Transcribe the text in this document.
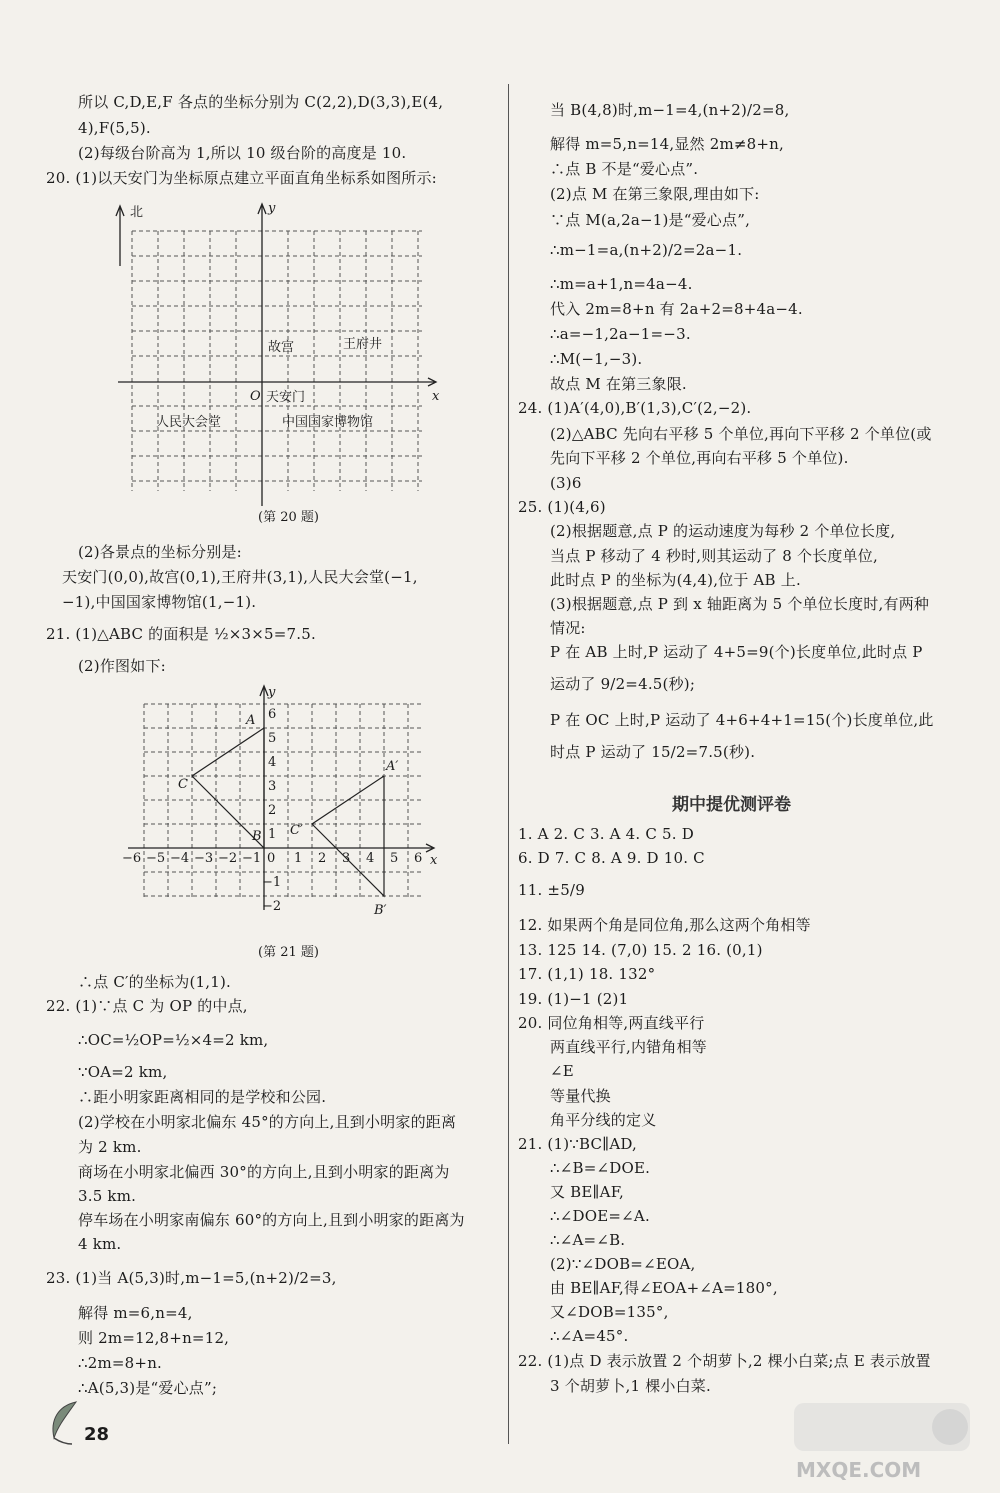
所以 C,D,E,F 各点的坐标分别为 C(2,2),D(3,3),E(4,
4),F(5,5).
(2)每级台阶高为 1,所以 10 级台阶的高度是 10.
20. (1)以天安门为坐标原点建立平面直角坐标系如图所示:
北	y
x
O
故宫	王府井
天安门
人民大会堂	中国国家博物馆
(第 20 题)
(2)各景点的坐标分别是:
天安门(0,0),故宫(0,1),王府井(3,1),人民大会堂(−1,
−1),中国国家博物馆(1,−1).
21. (1)△ABC 的面积是 ½×3×5=7.5.
(2)作图如下:
y
x
−6 −5 −4 −3 −2 −1 0 1 2 3 4 5 6
6
5
4
3
2
1
−1
−2
A
B
C
A′
B′
C′
(第 21 题)
∴点 C′的坐标为(1,1).
22. (1)∵点 C 为 OP 的中点,
∴OC=½OP=½×4=2 km,
∵OA=2 km,
∴距小明家距离相同的是学校和公园.
(2)学校在小明家北偏东 45°的方向上,且到小明家的距离
为 2 km.
商场在小明家北偏西 30°的方向上,且到小明家的距离为
3.5 km.
停车场在小明家南偏东 60°的方向上,且到小明家的距离为
4 km.
23. (1)当 A(5,3)时,m−1=5,(n+2)/2=3,
解得 m=6,n=4,
则 2m=12,8+n=12,
∴2m=8+n.
∴A(5,3)是“爱心点”;
当 B(4,8)时,m−1=4,(n+2)/2=8,
解得 m=5,n=14,显然 2m≠8+n,
∴点 B 不是“爱心点”.
(2)点 M 在第三象限,理由如下:
∵点 M(a,2a−1)是“爱心点”,
∴m−1=a,(n+2)/2=2a−1.
∴m=a+1,n=4a−4.
代入 2m=8+n 有 2a+2=8+4a−4.
∴a=−1,2a−1=−3.
∴M(−1,−3).
故点 M 在第三象限.
24. (1)A′(4,0),B′(1,3),C′(2,−2).
(2)△ABC 先向右平移 5 个单位,再向下平移 2 个单位(或
先向下平移 2 个单位,再向右平移 5 个单位).
(3)6
25. (1)(4,6)
(2)根据题意,点 P 的运动速度为每秒 2 个单位长度,
当点 P 移动了 4 秒时,则其运动了 8 个长度单位,
此时点 P 的坐标为(4,4),位于 AB 上.
(3)根据题意,点 P 到 x 轴距离为 5 个单位长度时,有两种
情况:
P 在 AB 上时,P 运动了 4+5=9(个)长度单位,此时点 P
运动了 9/2=4.5(秒);
P 在 OC 上时,P 运动了 4+6+4+1=15(个)长度单位,此
时点 P 运动了 15/2=7.5(秒).
期中提优测评卷
1. A 2. C 3. A 4. C 5. D
6. D 7. C 8. A 9. D 10. C
11. ±5/9
12. 如果两个角是同位角,那么这两个角相等
13. 125 14. (7,0) 15. 2 16. (0,1)
17. (1,1) 18. 132°
19. (1)−1 (2)1
20. 同位角相等,两直线平行
两直线平行,内错角相等
∠E
等量代换
角平分线的定义
21. (1)∵BC∥AD,
∴∠B=∠DOE.
又 BE∥AF,
∴∠DOE=∠A.
∴∠A=∠B.
(2)∵∠DOB=∠EOA,
由 BE∥AF,得∠EOA+∠A=180°,
又∠DOB=135°,
∴∠A=45°.
22. (1)点 D 表示放置 2 个胡萝卜,2 棵小白菜;点 E 表示放置
3 个胡萝卜,1 棵小白菜.
28
MXQE.COM
